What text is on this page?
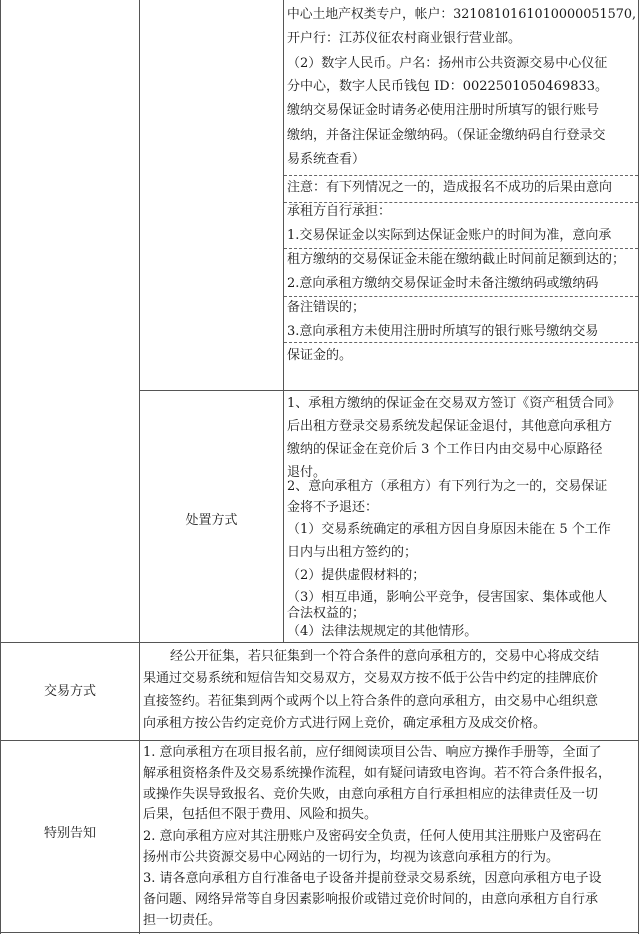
中心土地产权类专户，帐户：3210810161010000051570,
开户行：江苏仪征农村商业银行营业部。
（2）数字人民币。户名：扬州市公共资源交易中心仪征
分中心，数字人民币钱包 ID：0022501050469833。
缴纳交易保证金时请务必使用注册时所填写的银行账号
缴纳，并备注保证金缴纳码。（保证金缴纳码自行登录交
易系统查看）
注意：有下列情况之一的，造成报名不成功的后果由意向
承租方自行承担：
1.交易保证金以实际到达保证金账户的时间为准，意向承
租方缴纳的交易保证金未能在缴纳截止时间前足额到达的；
2.意向承租方缴纳交易保证金时未备注缴纳码或缴纳码
备注错误的；
3.意向承租方未使用注册时所填写的银行账号缴纳交易
保证金的。
处置方式
1、承租方缴纳的保证金在交易双方签订《资产租赁合同》
后出租方登录交易系统发起保证金退付，其他意向承租方
缴纳的保证金在竞价后 3 个工作日内由交易中心原路径
退付。
2、意向承租方（承租方）有下列行为之一的，交易保证
金将不予退还：
（1）交易系统确定的承租方因自身原因未能在 5 个工作
日内与出租方签约的；
（2）提供虚假材料的；
（3）相互串通，影响公平竞争，侵害国家、集体或他人
合法权益的；
（4）法律法规规定的其他情形。
交易方式
经公开征集，若只征集到一个符合条件的意向承租方的，交易中心将成交结
果通过交易系统和短信告知交易双方，交易双方按不低于公告中约定的挂牌底价
直接签约。若征集到两个或两个以上符合条件的意向承租方，由交易中心组织意
向承租方按公告约定竞价方式进行网上竞价，确定承租方及成交价格。
特别告知
1. 意向承租方在项目报名前，应仔细阅读项目公告、响应方操作手册等，全面了
解承租资格条件及交易系统操作流程，如有疑问请致电咨询。若不符合条件报名，
或操作失误导致报名、竞价失败，由意向承租方自行承担相应的法律责任及一切
后果，包括但不限于费用、风险和损失。
2. 意向承租方应对其注册账户及密码安全负责，任何人使用其注册账户及密码在
扬州市公共资源交易中心网站的一切行为，均视为该意向承租方的行为。
3. 请各意向承租方自行准备电子设备并提前登录交易系统，因意向承租方电子设
备问题、网络异常等自身因素影响报价或错过竞价时间的，由意向承租方自行承
担一切责任。
